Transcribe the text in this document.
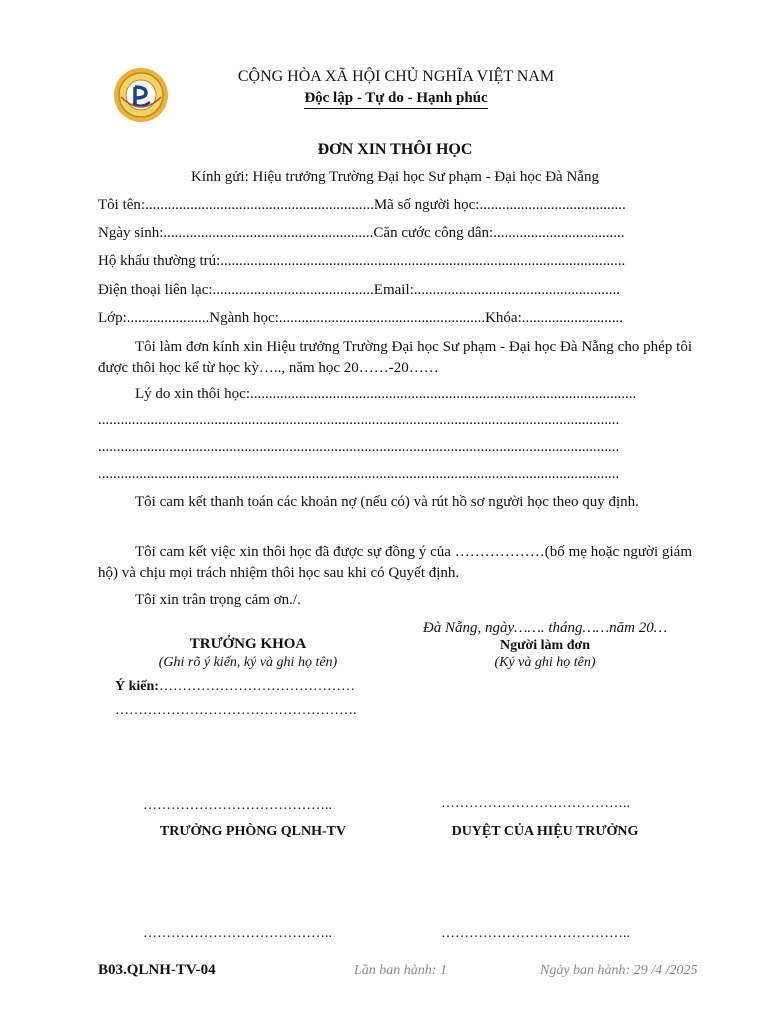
CỘNG HÒA XÃ HỘI CHỦ NGHĨA VIỆT NAM
Độc lập - Tự do - Hạnh phúc
ĐƠN XIN THÔI HỌC
Kính gửi: Hiệu trưởng Trường Đại học Sư phạm - Đại học Đà Nẵng
Tôi tên:.............................................................Mã số người học:.......................................
Ngày sinh:........................................................Căn cước công dân:...................................
Hộ khẩu thường trú:............................................................................................................
Điện thoại liên lạc:...........................................Email:.......................................................
Lớp:......................Ngành học:.......................................................Khóa:...........................
Tôi làm đơn kính xin Hiệu trưởng Trường Đại học Sư phạm - Đại học Đà Nẵng cho phép tôi được thôi học kể từ học kỳ….., năm học 20……-20……
Lý do xin thôi học:.......................................................................................................
...........................................................................................................................................
...........................................................................................................................................
...........................................................................................................................................
Tôi cam kết thanh toán các khoản nợ (nếu có) và rút hồ sơ người học theo quy định.
Tôi cam kết việc xin thôi học đã được sự đồng ý của ………………(bố mẹ hoặc người giám hộ) và chịu mọi trách nhiệm thôi học sau khi có Quyết định.
Tôi xin trân trọng cảm ơn./.
Đà Nẵng, ngày……. tháng……năm 20…
TRƯỞNG KHOA
(Ghi rõ ý kiến, ký và ghi họ tên)
Người làm đơn
(Ký và ghi họ tên)
Ý kiến:……………………………………
…………………………………………….
…………………………………..	…………………………………..
TRƯỞNG PHÒNG QLNH-TV	DUYỆT CỦA HIỆU TRƯỞNG
…………………………………..	…………………………………..
B03.QLNH-TV-04	Lần ban hành: 1	Ngày ban hành: 29 /4 /2025
